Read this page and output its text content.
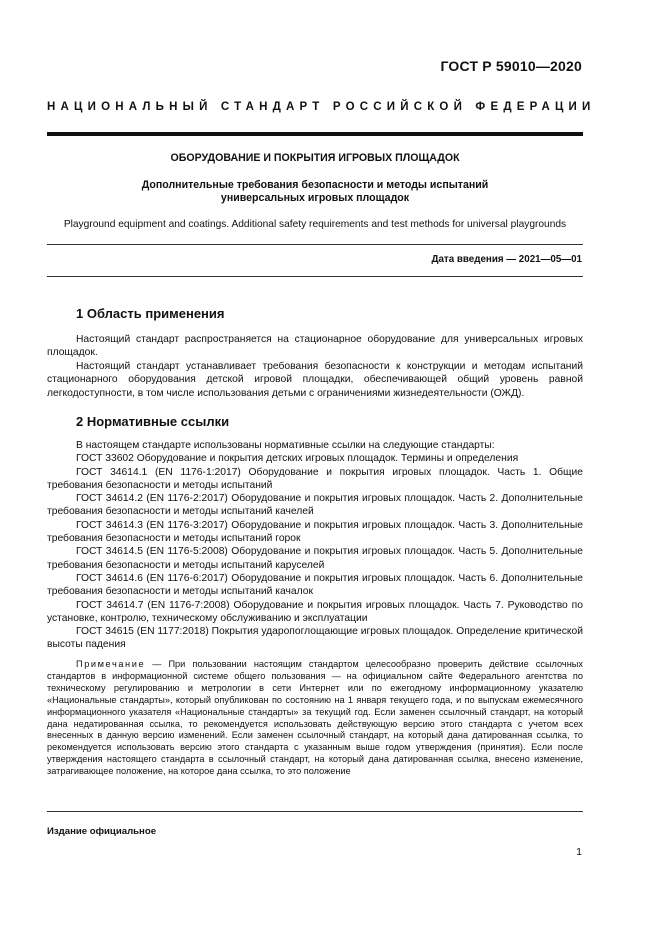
ГОСТ Р 59010—2020
НАЦИОНАЛЬНЫЙ СТАНДАРТ РОССИЙСКОЙ ФЕДЕРАЦИИ
ОБОРУДОВАНИЕ И ПОКРЫТИЯ ИГРОВЫХ ПЛОЩАДОК
Дополнительные требования безопасности и методы испытаний универсальных игровых площадок
Playground equipment and coatings. Additional safety requirements and test methods for universal playgrounds
Дата введения — 2021—05—01
1 Область применения
Настоящий стандарт распространяется на стационарное оборудование для универсальных игровых площадок.
Настоящий стандарт устанавливает требования безопасности к конструкции и методам испытаний стационарного оборудования детской игровой площадки, обеспечивающей общий уровень равной легкодоступности, в том числе использования детьми с ограничениями жизнедеятельности (ОЖД).
2 Нормативные ссылки
В настоящем стандарте использованы нормативные ссылки на следующие стандарты:
ГОСТ 33602 Оборудование и покрытия детских игровых площадок. Термины и определения
ГОСТ 34614.1 (EN 1176-1:2017) Оборудование и покрытия игровых площадок. Часть 1. Общие требования безопасности и методы испытаний
ГОСТ 34614.2 (EN 1176-2:2017) Оборудование и покрытия игровых площадок. Часть 2. Дополнительные требования безопасности и методы испытаний качелей
ГОСТ 34614.3 (EN 1176-3:2017) Оборудование и покрытия игровых площадок. Часть 3. Дополнительные требования безопасности и методы испытаний горок
ГОСТ 34614.5 (EN 1176-5:2008) Оборудование и покрытия игровых площадок. Часть 5. Дополнительные требования безопасности и методы испытаний каруселей
ГОСТ 34614.6 (EN 1176-6:2017) Оборудование и покрытия игровых площадок. Часть 6. Дополнительные требования безопасности и методы испытаний качалок
ГОСТ 34614.7 (EN 1176-7:2008) Оборудование и покрытия игровых площадок. Часть 7. Руководство по установке, контролю, техническому обслуживанию и эксплуатации
ГОСТ 34615 (EN 1177:2018) Покрытия ударопоглощающие игровых площадок. Определение критической высоты падения
Примечание — При пользовании настоящим стандартом целесообразно проверить действие ссылочных стандартов в информационной системе общего пользования — на официальном сайте Федерального агентства по техническому регулированию и метрологии в сети Интернет или по ежегодному информационному указателю «Национальные стандарты», который опубликован по состоянию на 1 января текущего года, и по выпускам ежемесячного информационного указателя «Национальные стандарты» за текущий год. Если заменен ссылочный стандарт, на который дана недатированная ссылка, то рекомендуется использовать действующую версию этого стандарта с учетом всех внесенных в данную версию изменений. Если заменен ссылочный стандарт, на который дана датированная ссылка, то рекомендуется использовать версию этого стандарта с указанным выше годом утверждения (принятия). Если после утверждения настоящего стандарта в ссылочный стандарт, на который дана датированная ссылка, внесено изменение, затрагивающее положение, на которое дана ссылка, то это положение
Издание официальное
1
